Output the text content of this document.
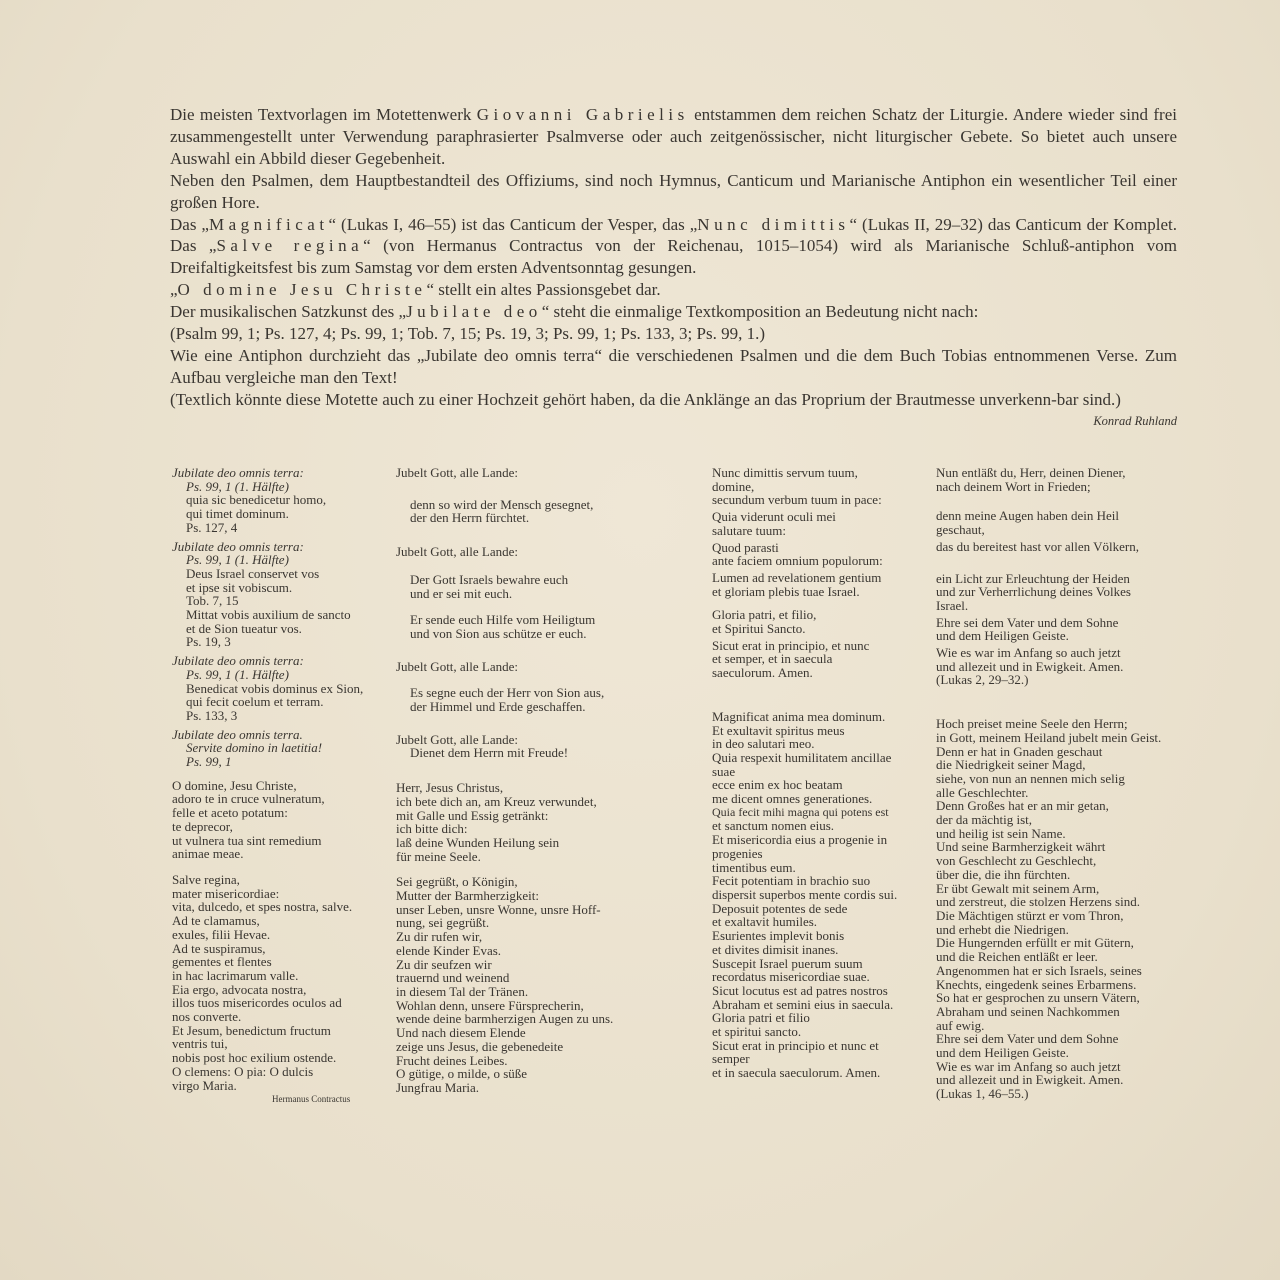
Die meisten Textvorlagen im Motettenwerk Giovanni Gabrielis entstammen dem reichen Schatz der Liturgie. Andere wieder sind frei zusammengestellt unter Verwendung paraphrasierter Psalmverse oder auch zeitgenössischer, nicht liturgischer Gebete. So bietet auch unsere Auswahl ein Abbild dieser Gegebenheit.

Neben den Psalmen, dem Hauptbestandteil des Offiziums, sind noch Hymnus, Canticum und Marianische Antiphon ein wesentlicher Teil einer großen Hore.

Das „Magnificat“ (Lukas I, 46–55) ist das Canticum der Vesper, das „Nunc dimittis“ (Lukas II, 29–32) das Canticum der Komplet. Das „Salve regina“ (von Hermanus Contractus von der Reichenau, 1015–1054) wird als Marianische Schluß-antiphon vom Dreifaltigkeitsfest bis zum Samstag vor dem ersten Adventsonntag gesungen.

„O domine Jesu Christe“ stellt ein altes Passionsgebet dar.

Der musikalischen Satzkunst des „Jubilate deo“ steht die einmalige Textkomposition an Bedeutung nicht nach:

(Psalm 99, 1; Ps. 127, 4; Ps. 99, 1; Tob. 7, 15; Ps. 19, 3; Ps. 99, 1; Ps. 133, 3; Ps. 99, 1.)

Wie eine Antiphon durchzieht das „Jubilate deo omnis terra“ die verschiedenen Psalmen und die dem Buch Tobias entnommenen Verse. Zum Aufbau vergleiche man den Text!

(Textlich könnte diese Motette auch zu einer Hochzeit gehört haben, da die Anklänge an das Proprium der Brautmesse unverkenn-bar sind.)

Konrad Ruhland

Jubilate deo omnis terra:
Ps. 99, 1 (1. Hälfte)
quia sic benedicetur homo,
qui timet dominum.
Ps. 127, 4
Jubilate deo omnis terra:
Ps. 99, 1 (1. Hälfte)
Deus Israel conservet vos
et ipse sit vobiscum.
Tob. 7, 15
Mittat vobis auxilium de sancto
et de Sion tueatur vos.
Ps. 19, 3
Jubilate deo omnis terra:
Ps. 99, 1 (1. Hälfte)
Benedicat vobis dominus ex Sion,
qui fecit coelum et terram.
Ps. 133, 3
Jubilate deo omnis terra.
Servite domino in laetitia!
Ps. 99, 1
O domine, Jesu Christe,
adoro te in cruce vulneratum,
felle et aceto potatum:
te deprecor,
ut vulnera tua sint remedium
animae meae.
Salve regina,
mater misericordiae:
vita, dulcedo, et spes nostra, salve.
Ad te clamamus,
exules, filii Hevae.
Ad te suspiramus,
gementes et flentes
in hac lacrimarum valle.
Eia ergo, advocata nostra,
illos tuos misericordes oculos ad
nos converte.
Et Jesum, benedictum fructum
ventris tui,
nobis post hoc exilium ostende.
O clemens: O pia: O dulcis
virgo Maria.
Hermanus Contractus
Jubelt Gott, alle Lande:
denn so wird der Mensch gesegnet,
der den Herrn fürchtet.
Jubelt Gott, alle Lande:
Der Gott Israels bewahre euch
und er sei mit euch.
Er sende euch Hilfe vom Heiligtum
und von Sion aus schütze er euch.
Jubelt Gott, alle Lande:
Es segne euch der Herr von Sion aus,
der Himmel und Erde geschaffen.
Jubelt Gott, alle Lande:
Dienet dem Herrn mit Freude!
Herr, Jesus Christus,
ich bete dich an, am Kreuz verwundet,
mit Galle und Essig getränkt:
ich bitte dich:
laß deine Wunden Heilung sein
für meine Seele.
Sei gegrüßt, o Königin,
Mutter der Barmherzigkeit:
unser Leben, unsre Wonne, unsre Hoff-
nung, sei gegrüßt.
Zu dir rufen wir,
elende Kinder Evas.
Zu dir seufzen wir
trauernd und weinend
in diesem Tal der Tränen.
Wohlan denn, unsere Fürsprecherin,
wende deine barmherzigen Augen zu uns.
Und nach diesem Elende
zeige uns Jesus, die gebenedeite
Frucht deines Leibes.
O gütige, o milde, o süße
Jungfrau Maria.
Nunc dimittis servum tuum,
domine,
secundum verbum tuum in pace:
Quia viderunt oculi mei
salutare tuum:
Quod parasti
ante faciem omnium populorum:
Lumen ad revelationem gentium
et gloriam plebis tuae Israel.
Gloria patri, et filio,
et Spiritui Sancto.
Sicut erat in principio, et nunc
et semper, et in saecula
saeculorum. Amen.
Magnificat anima mea dominum.
Et exultavit spiritus meus
in deo salutari meo.
Quia respexit humilitatem ancillae
suae
ecce enim ex hoc beatam
me dicent omnes generationes.
Quia fecit mihi magna qui potens est
et sanctum nomen eius.
Et misericordia eius a progenie in
progenies
timentibus eum.
Fecit potentiam in brachio suo
dispersit superbos mente cordis sui.
Deposuit potentes de sede
et exaltavit humiles.
Esurientes implevit bonis
et divites dimisit inanes.
Suscepit Israel puerum suum
recordatus misericordiae suae.
Sicut locutus est ad patres nostros
Abraham et semini eius in saecula.
Gloria patri et filio
et spiritui sancto.
Sicut erat in principio et nunc et
semper
et in saecula saeculorum. Amen.
Nun entläßt du, Herr, deinen Diener,
nach deinem Wort in Frieden;
denn meine Augen haben dein Heil
geschaut,
das du bereitest hast vor allen Völkern,
ein Licht zur Erleuchtung der Heiden
und zur Verherrlichung deines Volkes
Israel.
Ehre sei dem Vater und dem Sohne
und dem Heiligen Geiste.
Wie es war im Anfang so auch jetzt
und allezeit und in Ewigkeit. Amen.
(Lukas 2, 29–32.)
Hoch preiset meine Seele den Herrn;
in Gott, meinem Heiland jubelt mein Geist.
Denn er hat in Gnaden geschaut
die Niedrigkeit seiner Magd,
siehe, von nun an nennen mich selig
alle Geschlechter.
Denn Großes hat er an mir getan,
der da mächtig ist,
und heilig ist sein Name.
Und seine Barmherzigkeit währt
von Geschlecht zu Geschlecht,
über die, die ihn fürchten.
Er übt Gewalt mit seinem Arm,
und zerstreut, die stolzen Herzens sind.
Die Mächtigen stürzt er vom Thron,
und erhebt die Niedrigen.
Die Hungernden erfüllt er mit Gütern,
und die Reichen entläßt er leer.
Angenommen hat er sich Israels, seines
Knechts, eingedenk seines Erbarmens.
So hat er gesprochen zu unsern Vätern,
Abraham und seinen Nachkommen
auf ewig.
Ehre sei dem Vater und dem Sohne
und dem Heiligen Geiste.
Wie es war im Anfang so auch jetzt
und allezeit und in Ewigkeit. Amen.
(Lukas 1, 46–55.)
